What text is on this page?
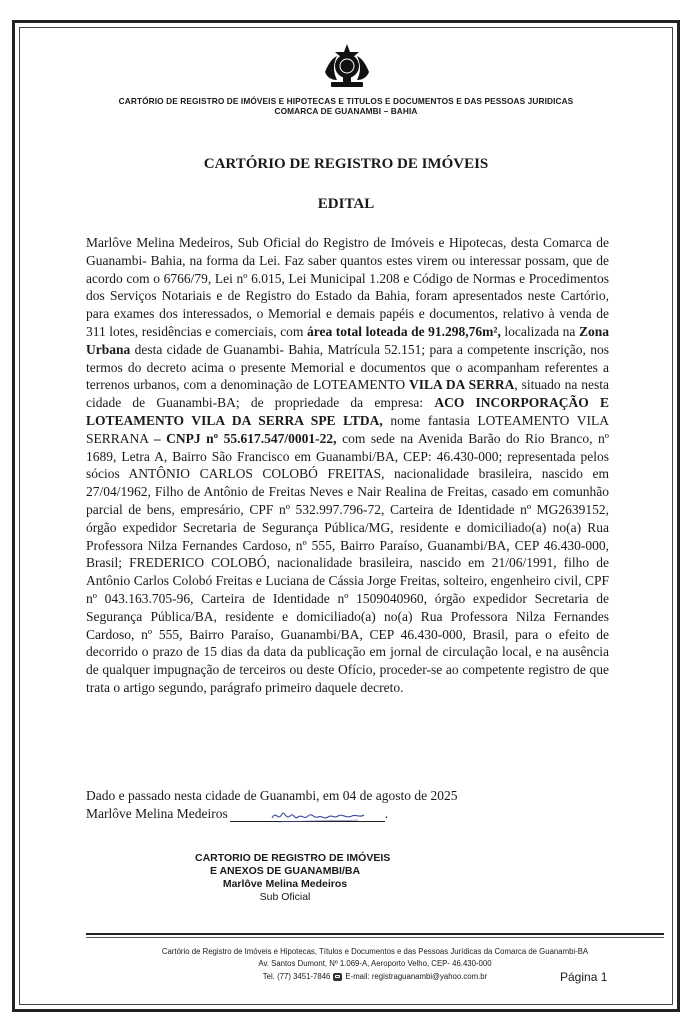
CARTÓRIO DE REGISTRO DE IMÓVEIS E HIPOTECAS E TITULOS E DOCUMENTOS E DAS PESSOAS JURIDICAS
COMARCA DE GUANAMBI – BAHIA
CARTÓRIO DE REGISTRO DE IMÓVEIS
EDITAL

Marlôve Melina Medeiros, Sub Oficial do Registro de Imóveis e Hipotecas, desta Comarca de Guanambi- Bahia, na forma da Lei. Faz saber quantos estes virem ou interessar possam, que de acordo com o 6766/79, Lei nº 6.015, Lei Municipal 1.208 e Código de Normas e Procedimentos dos Serviços Notariais e de Registro do Estado da Bahia, foram apresentados neste Cartório, para exames dos interessados, o Memorial e demais papéis e documentos, relativo à venda de 311 lotes, residências e comerciais, com área total loteada de 91.298,76m², localizada na Zona Urbana desta cidade de Guanambi- Bahia, Matrícula 52.151; para a competente inscrição, nos termos do decreto acima o presente Memorial e documentos que o acompanham referentes a terrenos urbanos, com a denominação de LOTEAMENTO VILA DA SERRA, situado na nesta cidade de Guanambi-BA; de propriedade da empresa: ACO INCORPORAÇÃO E LOTEAMENTO VILA DA SERRA SPE LTDA, nome fantasia LOTEAMENTO VILA SERRANA – CNPJ nº 55.617.547/0001-22, com sede na Avenida Barão do Rio Branco, nº 1689, Letra A, Bairro São Francisco em Guanambi/BA, CEP: 46.430-000; representada pelos sócios ANTÔNIO CARLOS COLOBÓ FREITAS, nacionalidade brasileira, nascido em 27/04/1962, Filho de Antônio de Freitas Neves e Nair Realina de Freitas, casado em comunhão parcial de bens, empresário, CPF nº 532.997.796-72, Carteira de Identidade nº MG2639152, órgão expedidor Secretaria de Segurança Pública/MG, residente e domiciliado(a) no(a) Rua Professora Nilza Fernandes Cardoso, nº 555, Bairro Paraíso, Guanambi/BA, CEP 46.430-000, Brasil; FREDERICO COLOBÓ, nacionalidade brasileira, nascido em 21/06/1991, filho de Antônio Carlos Colobó Freitas e Luciana de Cássia Jorge Freitas, solteiro, engenheiro civil, CPF nº 043.163.705-96, Carteira de Identidade nº 1509040960, órgão expedidor Secretaria de Segurança Pública/BA, residente e domiciliado(a) no(a) Rua Professora Nilza Fernandes Cardoso, nº 555, Bairro Paraíso, Guanambi/BA, CEP 46.430-000, Brasil, para o efeito de decorrido o prazo de 15 dias da data da publicação em jornal de circulação local, e na ausência de qualquer impugnação de terceiros ou deste Ofício, proceder-se ao competente registro de que trata o artigo segundo, parágrafo primeiro daquele decreto.

Dado e passado nesta cidade de Guanambi, em 04 de agosto de 2025
Marlôve Melina Medeiros	.
CARTORIO DE REGISTRO DE IMÓVEIS
E ANEXOS DE GUANAMBI/BA
Marlôve Melina Medeiros
Sub Oficial
Cartório de Registro de Imóveis e Hipotecas, Títulos e Documentos e das Pessoas Jurídicas da Comarca de Guanambi-BA
Av. Santos Dumont, Nº 1.069-A, Aeroporto Velho, CEP- 46.430-000
Tel. (77) 3451-7846 E-mail: registraguanambi@yahoo.com.br	Página 1
